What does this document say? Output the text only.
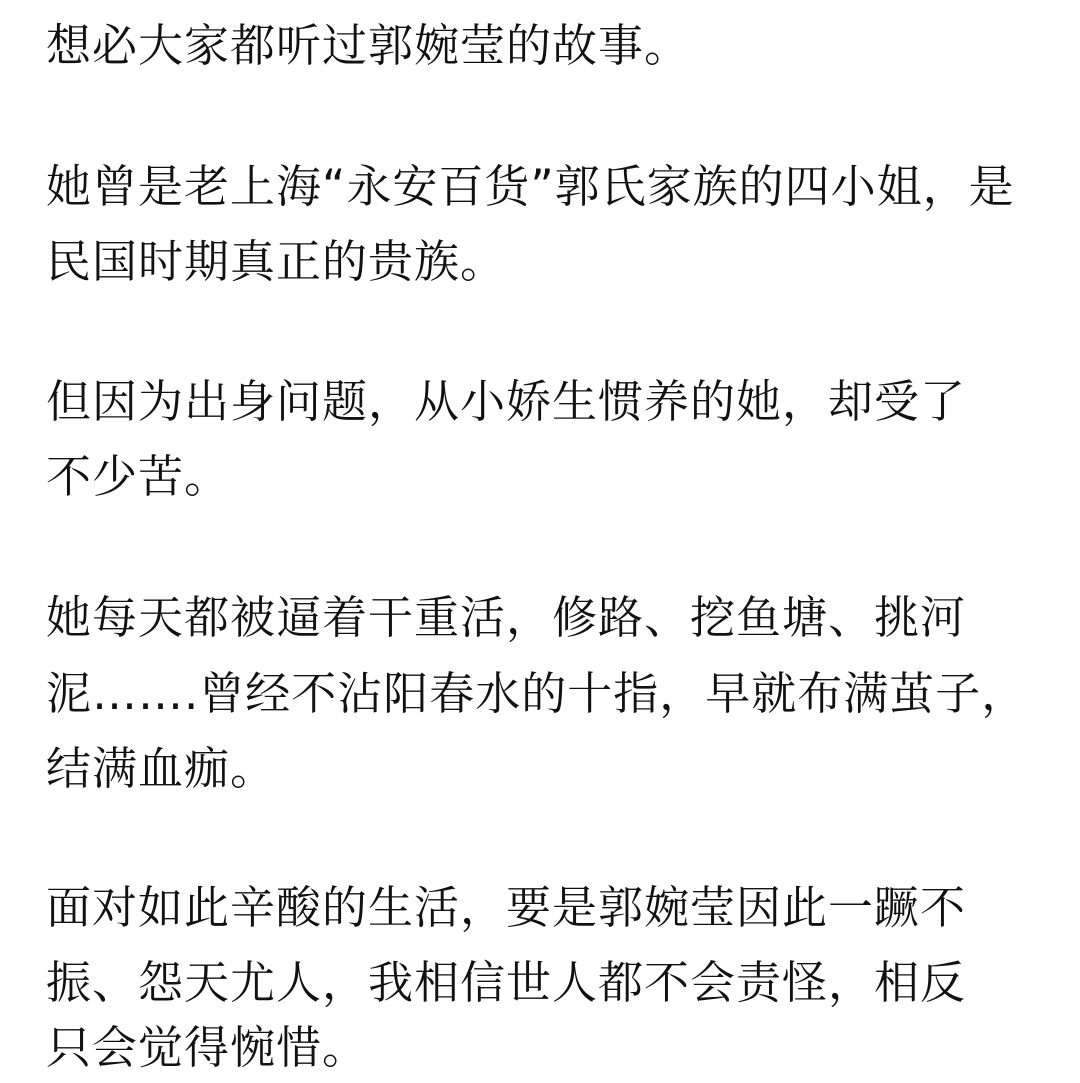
想必大家都听过郭婉莹的故事。
她曾是老上海“永安百货”郭氏家族的四小姐，是
民国时期真正的贵族。
但因为出身问题，从小娇生惯养的她，却受了
不少苦。
她每天都被逼着干重活，修路、挖鱼塘、挑河
泥…….曾经不沾阳春水的十指，早就布满茧子，
结满血痂。
面对如此辛酸的生活，要是郭婉莹因此一蹶不
振、怨天尤人，我相信世人都不会责怪，相反
只会觉得惋惜。
